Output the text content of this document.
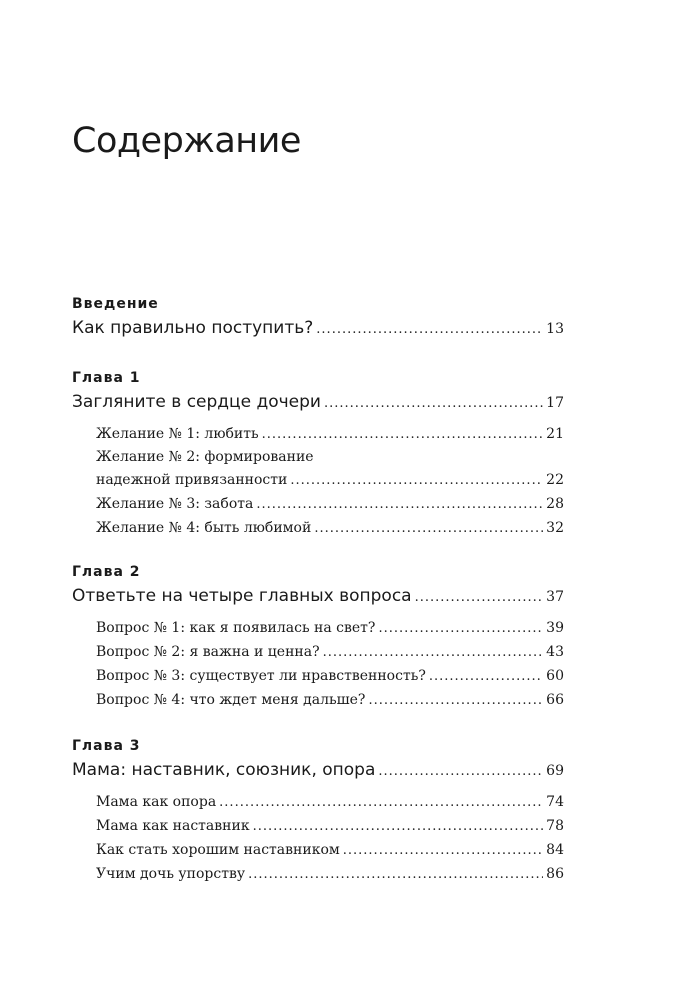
Содержание
Введение
Как правильно поступить? .....	13
Глава 1
Загляните в сердце дочери .....	17
Желание № 1: любить .....	21
Желание № 2: формирование
надежной привязанности .....	22
Желание № 3: забота .....	28
Желание № 4: быть любимой .....	32
Глава 2
Ответьте на четыре главных вопроса .....	37
Вопрос № 1: как я появилась на свет? .....	39
Вопрос № 2: я важна и ценна? .....	43
Вопрос № 3: существует ли нравственность? .....	60
Вопрос № 4: что ждет меня дальше? .....	66
Глава 3
Мама: наставник, союзник, опора .....	69
Мама как опора .....	74
Мама как наставник .....	78
Как стать хорошим наставником .....	84
Учим дочь упорству .....	86
